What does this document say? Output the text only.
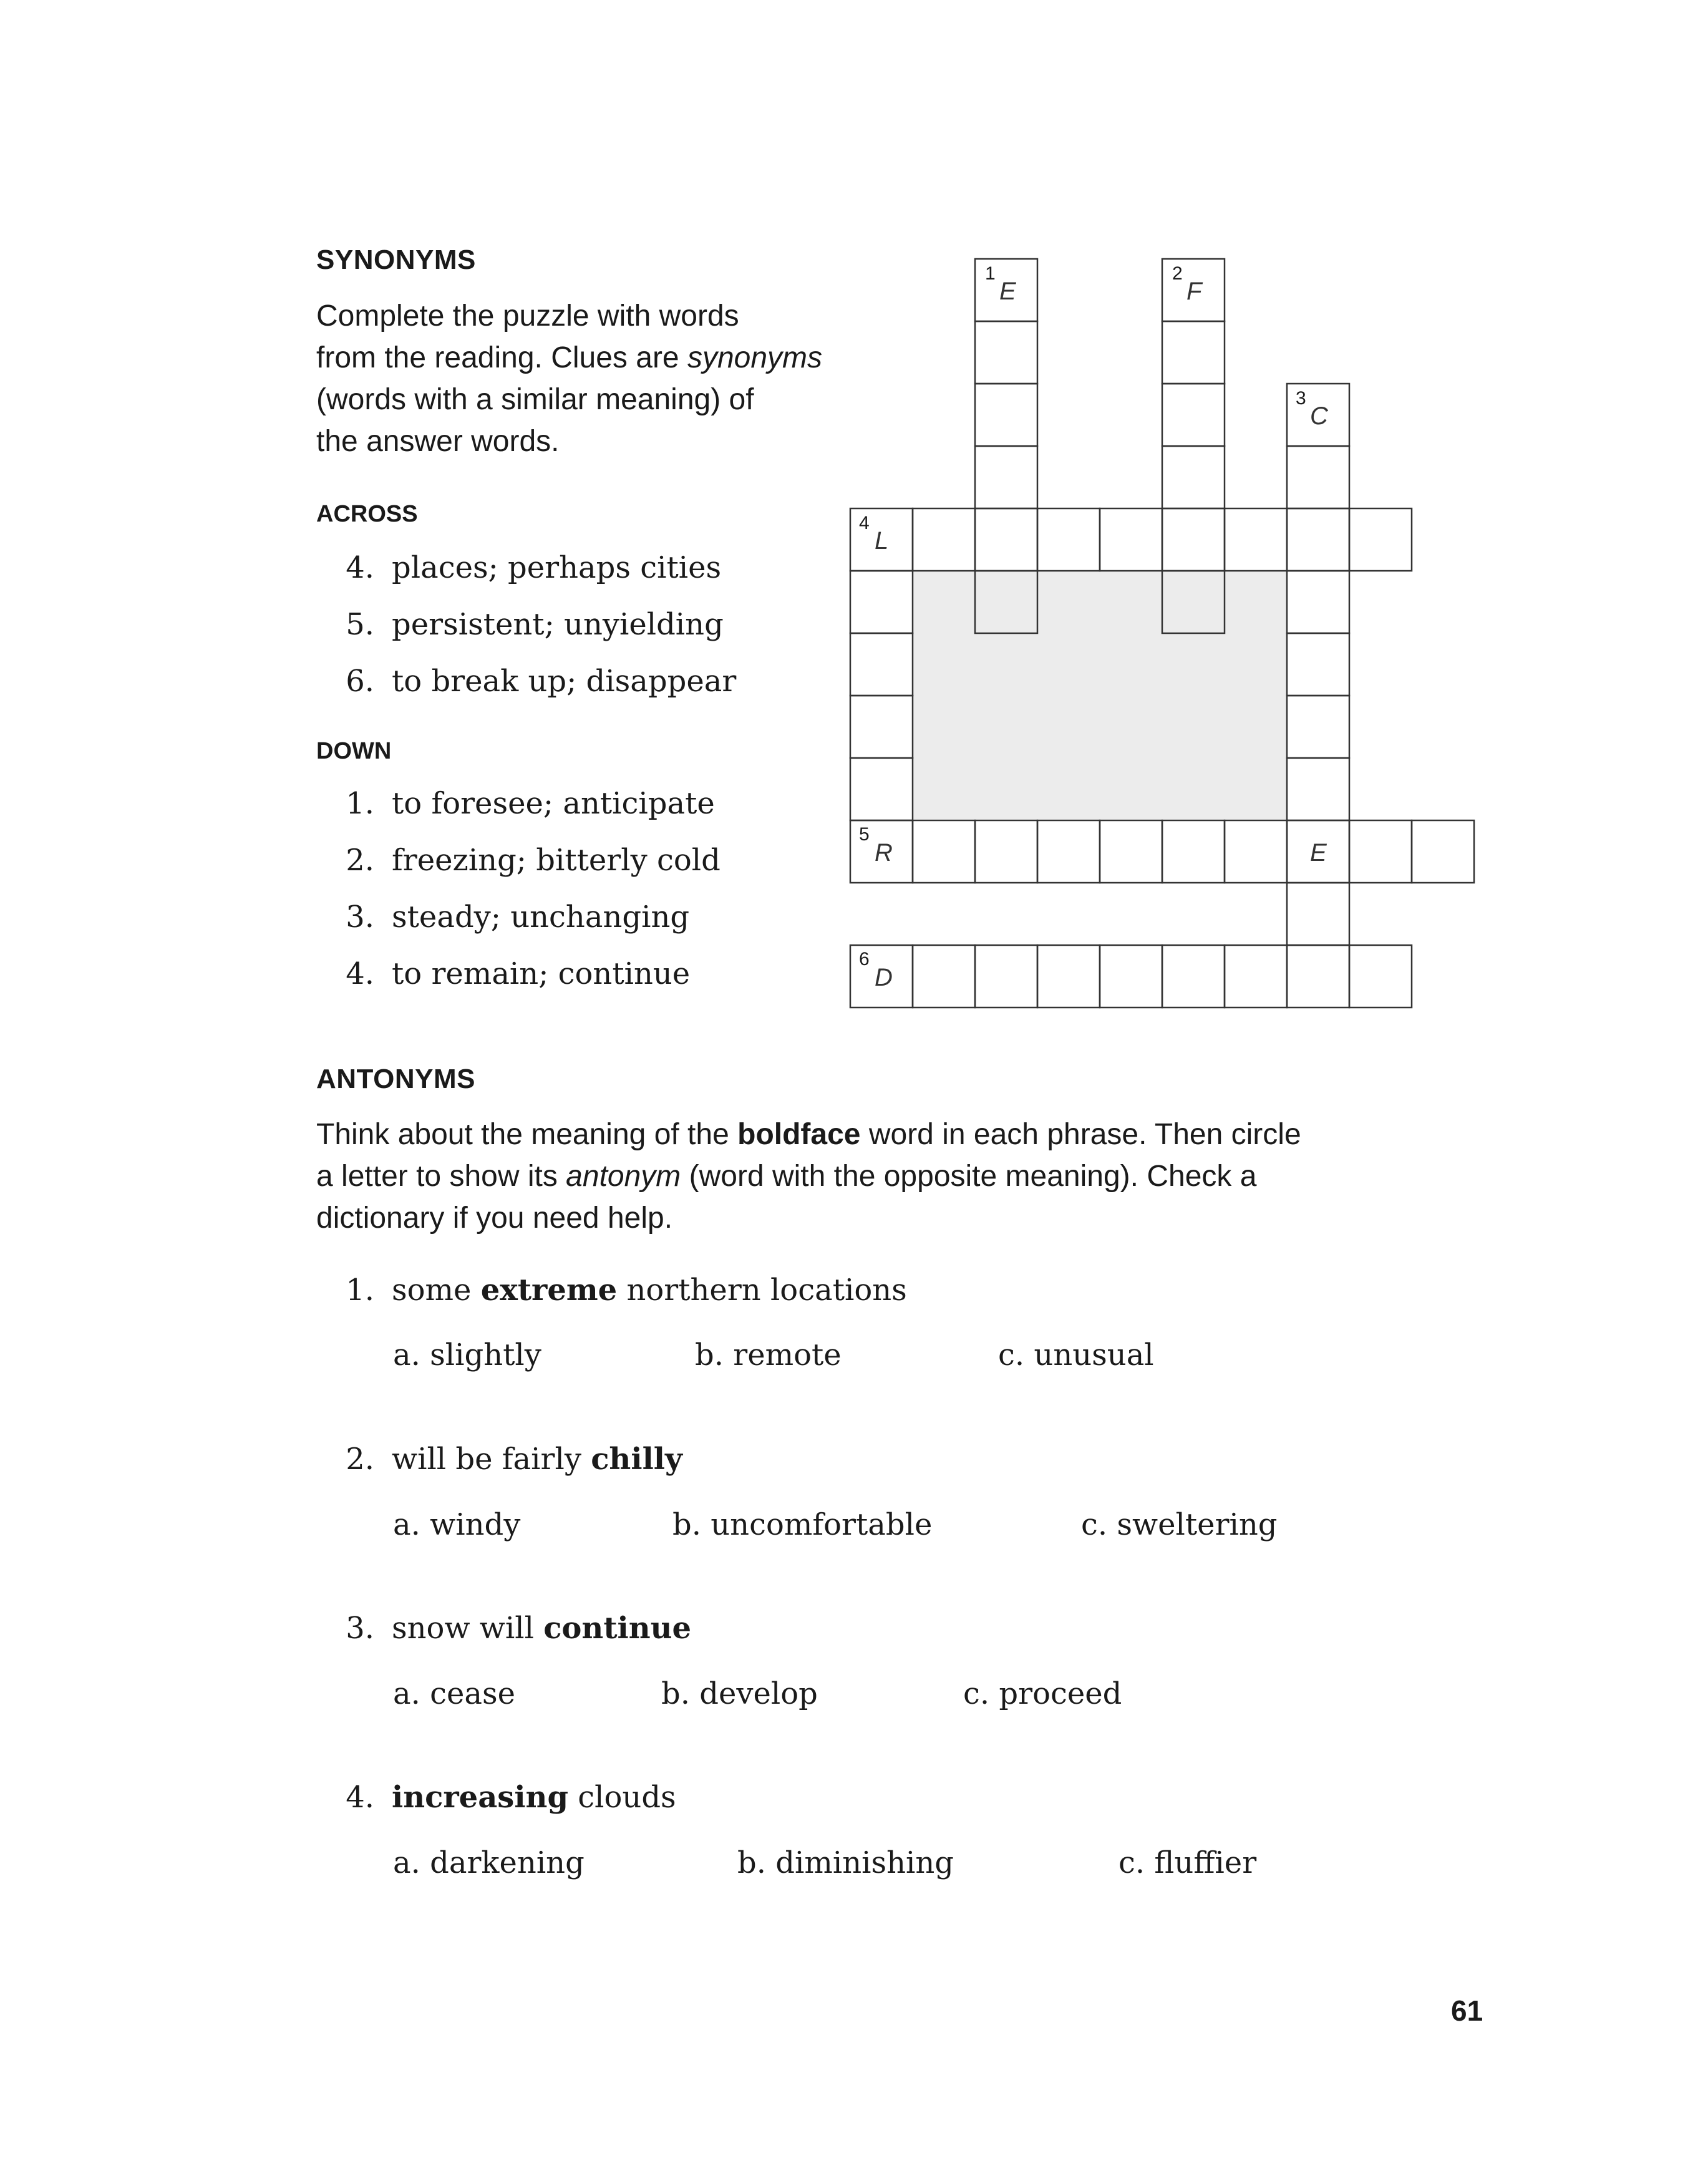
SYNONYMS
Complete the puzzle with words
from the reading. Clues are synonyms
(words with a similar meaning) of
the answer words.
ACROSS
4. places; perhaps cities
5. persistent; unyielding
6. to break up; disappear
DOWN
1. to foresee; anticipate
2. freezing; bitterly cold
3. steady; unchanging
4. to remain; continue
1	2
3
4
5
6
E	F
C
L
R	E
D
ANTONYMS
Think about the meaning of the boldface word in each phrase. Then circle
a letter to show its antonym (word with the opposite meaning). Check a
dictionary if you need help.
1. some extreme northern locations
a. slightly	b. remote	c. unusual
2. will be fairly chilly
a. windy	b. uncomfortable	c. sweltering
3. snow will continue
a. cease	b. develop	c. proceed
4. increasing clouds
a. darkening	b. diminishing	c. fluffier
61
